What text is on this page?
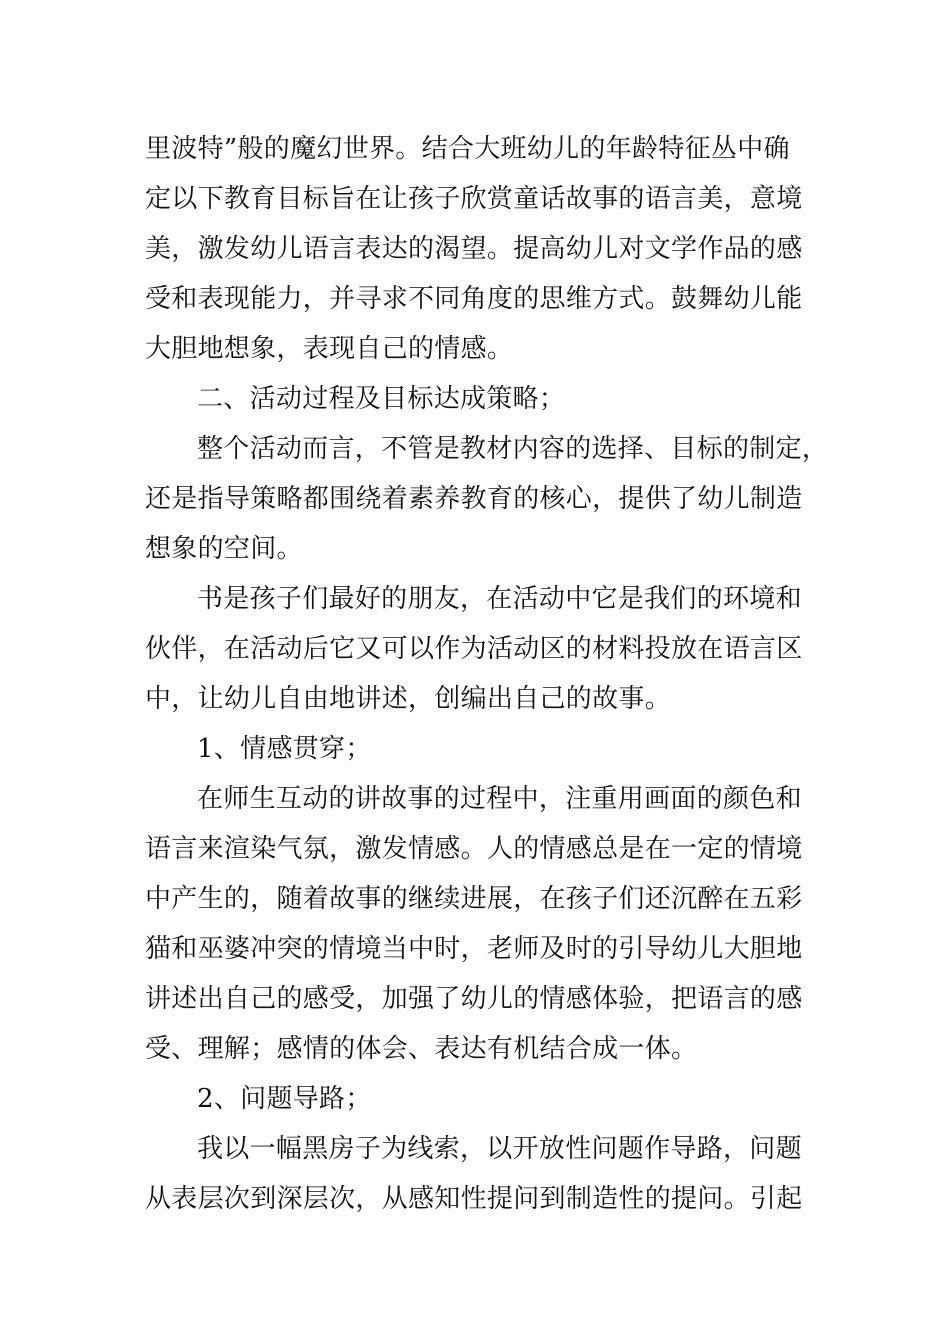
里波特”般的魔幻世界。结合大班幼儿的年龄特征丛中确
定以下教育目标旨在让孩子欣赏童话故事的语言美，意境
美，激发幼儿语言表达的渴望。提高幼儿对文学作品的感
受和表现能力，并寻求不同角度的思维方式。鼓舞幼儿能
大胆地想象，表现自己的情感。
二、活动过程及目标达成策略；
整个活动而言，不管是教材内容的选择、目标的制定，
还是指导策略都围绕着素养教育的核心，提供了幼儿制造
想象的空间。
书是孩子们最好的朋友，在活动中它是我们的环境和
伙伴，在活动后它又可以作为活动区的材料投放在语言区
中，让幼儿自由地讲述，创编出自己的故事。
1、情感贯穿；
在师生互动的讲故事的过程中，注重用画面的颜色和
语言来渲染气氛，激发情感。人的情感总是在一定的情境
中产生的，随着故事的继续进展，在孩子们还沉醉在五彩
猫和巫婆冲突的情境当中时，老师及时的引导幼儿大胆地
讲述出自己的感受，加强了幼儿的情感体验，把语言的感
受、理解；感情的体会、表达有机结合成一体。
2、问题导路；
我以一幅黑房子为线索，以开放性问题作导路，问题
从表层次到深层次，从感知性提问到制造性的提问。引起
